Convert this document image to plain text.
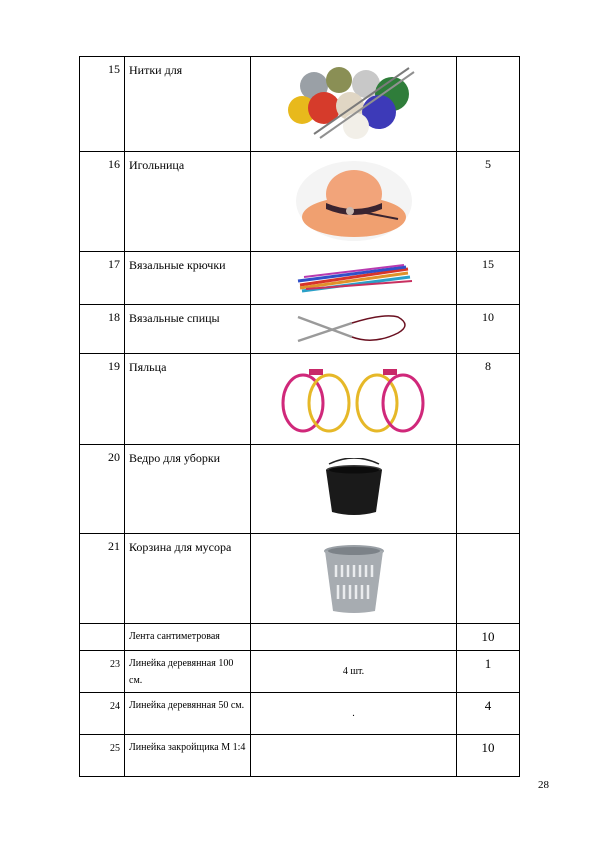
15	Нитки для	

16	Игольница		5
17	Вязальные крючки		15
18	Вязальные спицы		10
19	Пяльца		8
20	Ведро для уборки	

21	Корзина для мусора	

	Лента сантиметровая		10
23	Линейка деревянная 100 см.	4 шт.	1
24	Линейка деревянная 50 см.	.	4
25	Линейка закройщика М 1:4		10
28
